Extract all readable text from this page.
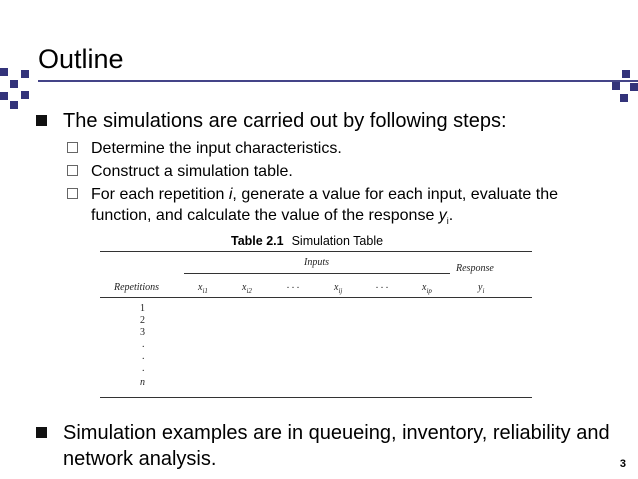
Outline
The simulations are carried out by following steps:
Determine the input characteristics.
Construct a simulation table.
For each repetition i, generate a value for each input, evaluate the function, and calculate the value of the response $y_i$.
Table 2.1 Simulation Table
Inputs
Response
Repetitions	$x_{i1}$	$x_{i2}$	. . .	$x_{ij}$	. . .	$x_{ip}$	$y_i$
1
2
3
.
.
.
n
Simulation examples are in queueing, inventory, reliability and network analysis.	3
